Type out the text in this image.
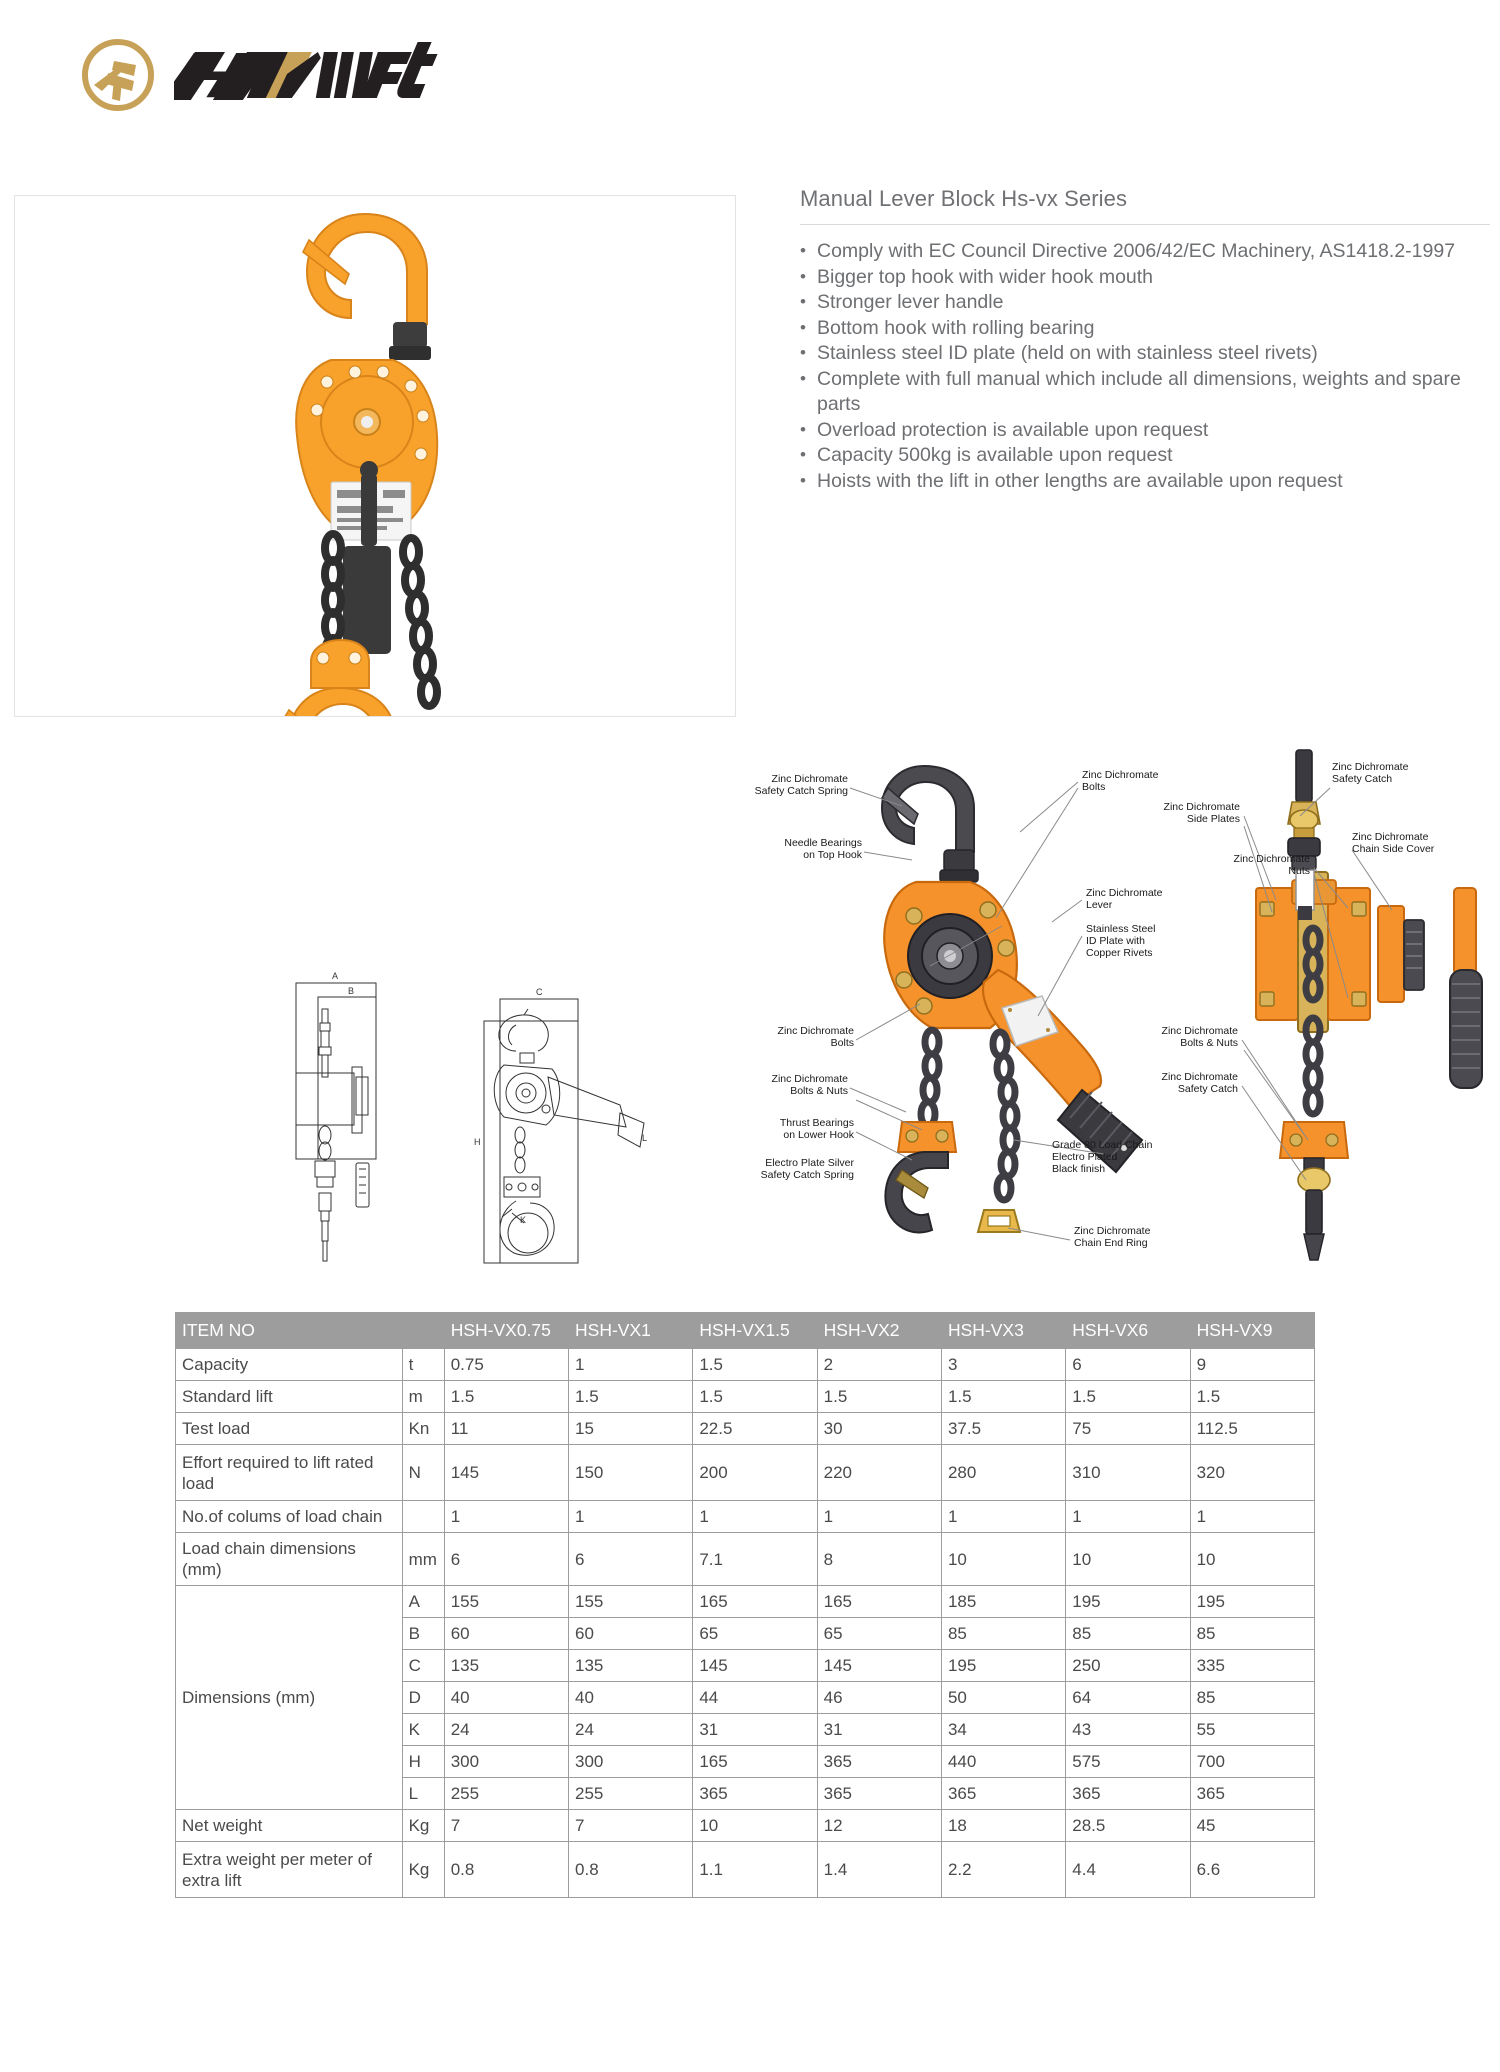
Manual Lever Block Hs-vx Series
• Comply with EC Council Directive 2006/42/EC Machinery, AS1418.2-1997
• Bigger top hook with wider hook mouth
• Stronger lever handle
• Bottom hook with rolling bearing
• Stainless steel ID plate (held on with stainless steel rivets)
• Complete with full manual which include all dimensions, weights and spare parts
• Overload protection is available upon request
• Capacity 500kg is available upon request
• Hoists with the lift in other lengths are available upon request
A
B	C
H	L
K
Zinc Dichromate
Safety Catch Spring
Needle Bearings
on Top Hook
Zinc Dichromate
Bolts
Zinc Dichromate
Bolts & Nuts
Thrust Bearings
on Lower Hook
Electro Plate Silver
Safety Catch Spring
Zinc Dichromate
Bolts
Zinc Dichromate
Lever
Stainless Steel
ID Plate with
Copper Rivets
Grade 80 Load Chain
Electro Plated
Black finish
Zinc Dichromate
Chain End Ring
Zinc Dichromate
Safety Catch
Zinc Dichromate
Side Plates
Zinc Dichromate
Chain Side Cover
Zinc Dichromate
Nuts
Zinc Dichromate
Bolts & Nuts
Zinc Dichromate
Safety Catch
ITEM NO		HSH-VX0.75	HSH-VX1	HSH-VX1.5	HSH-VX2	HSH-VX3	HSH-VX6	HSH-VX9
Capacity	t	0.75	1	1.5	2	3	6	9
Standard lift	m	1.5	1.5	1.5	1.5	1.5	1.5	1.5
Test load	Kn	11	15	22.5	30	37.5	75	112.5
Effort required to lift rated load	N	145	150	200	220	280	310	320
No.of colums of load chain		1	1	1	1	1	1	1
Load chain dimensions (mm)	mm	6	6	7.1	8	10	10	10
Dimensions (mm)	A	155	155	165	165	185	195	195
	B	60	60	65	65	85	85	85
	C	135	135	145	145	195	250	335
	D	40	40	44	46	50	64	85
	K	24	24	31	31	34	43	55
	H	300	300	165	365	440	575	700
	L	255	255	365	365	365	365	365
Net weight	Kg	7	7	10	12	18	28.5	45
Extra weight per meter of extra lift	Kg	0.8	0.8	1.1	1.4	2.2	4.4	6.6
